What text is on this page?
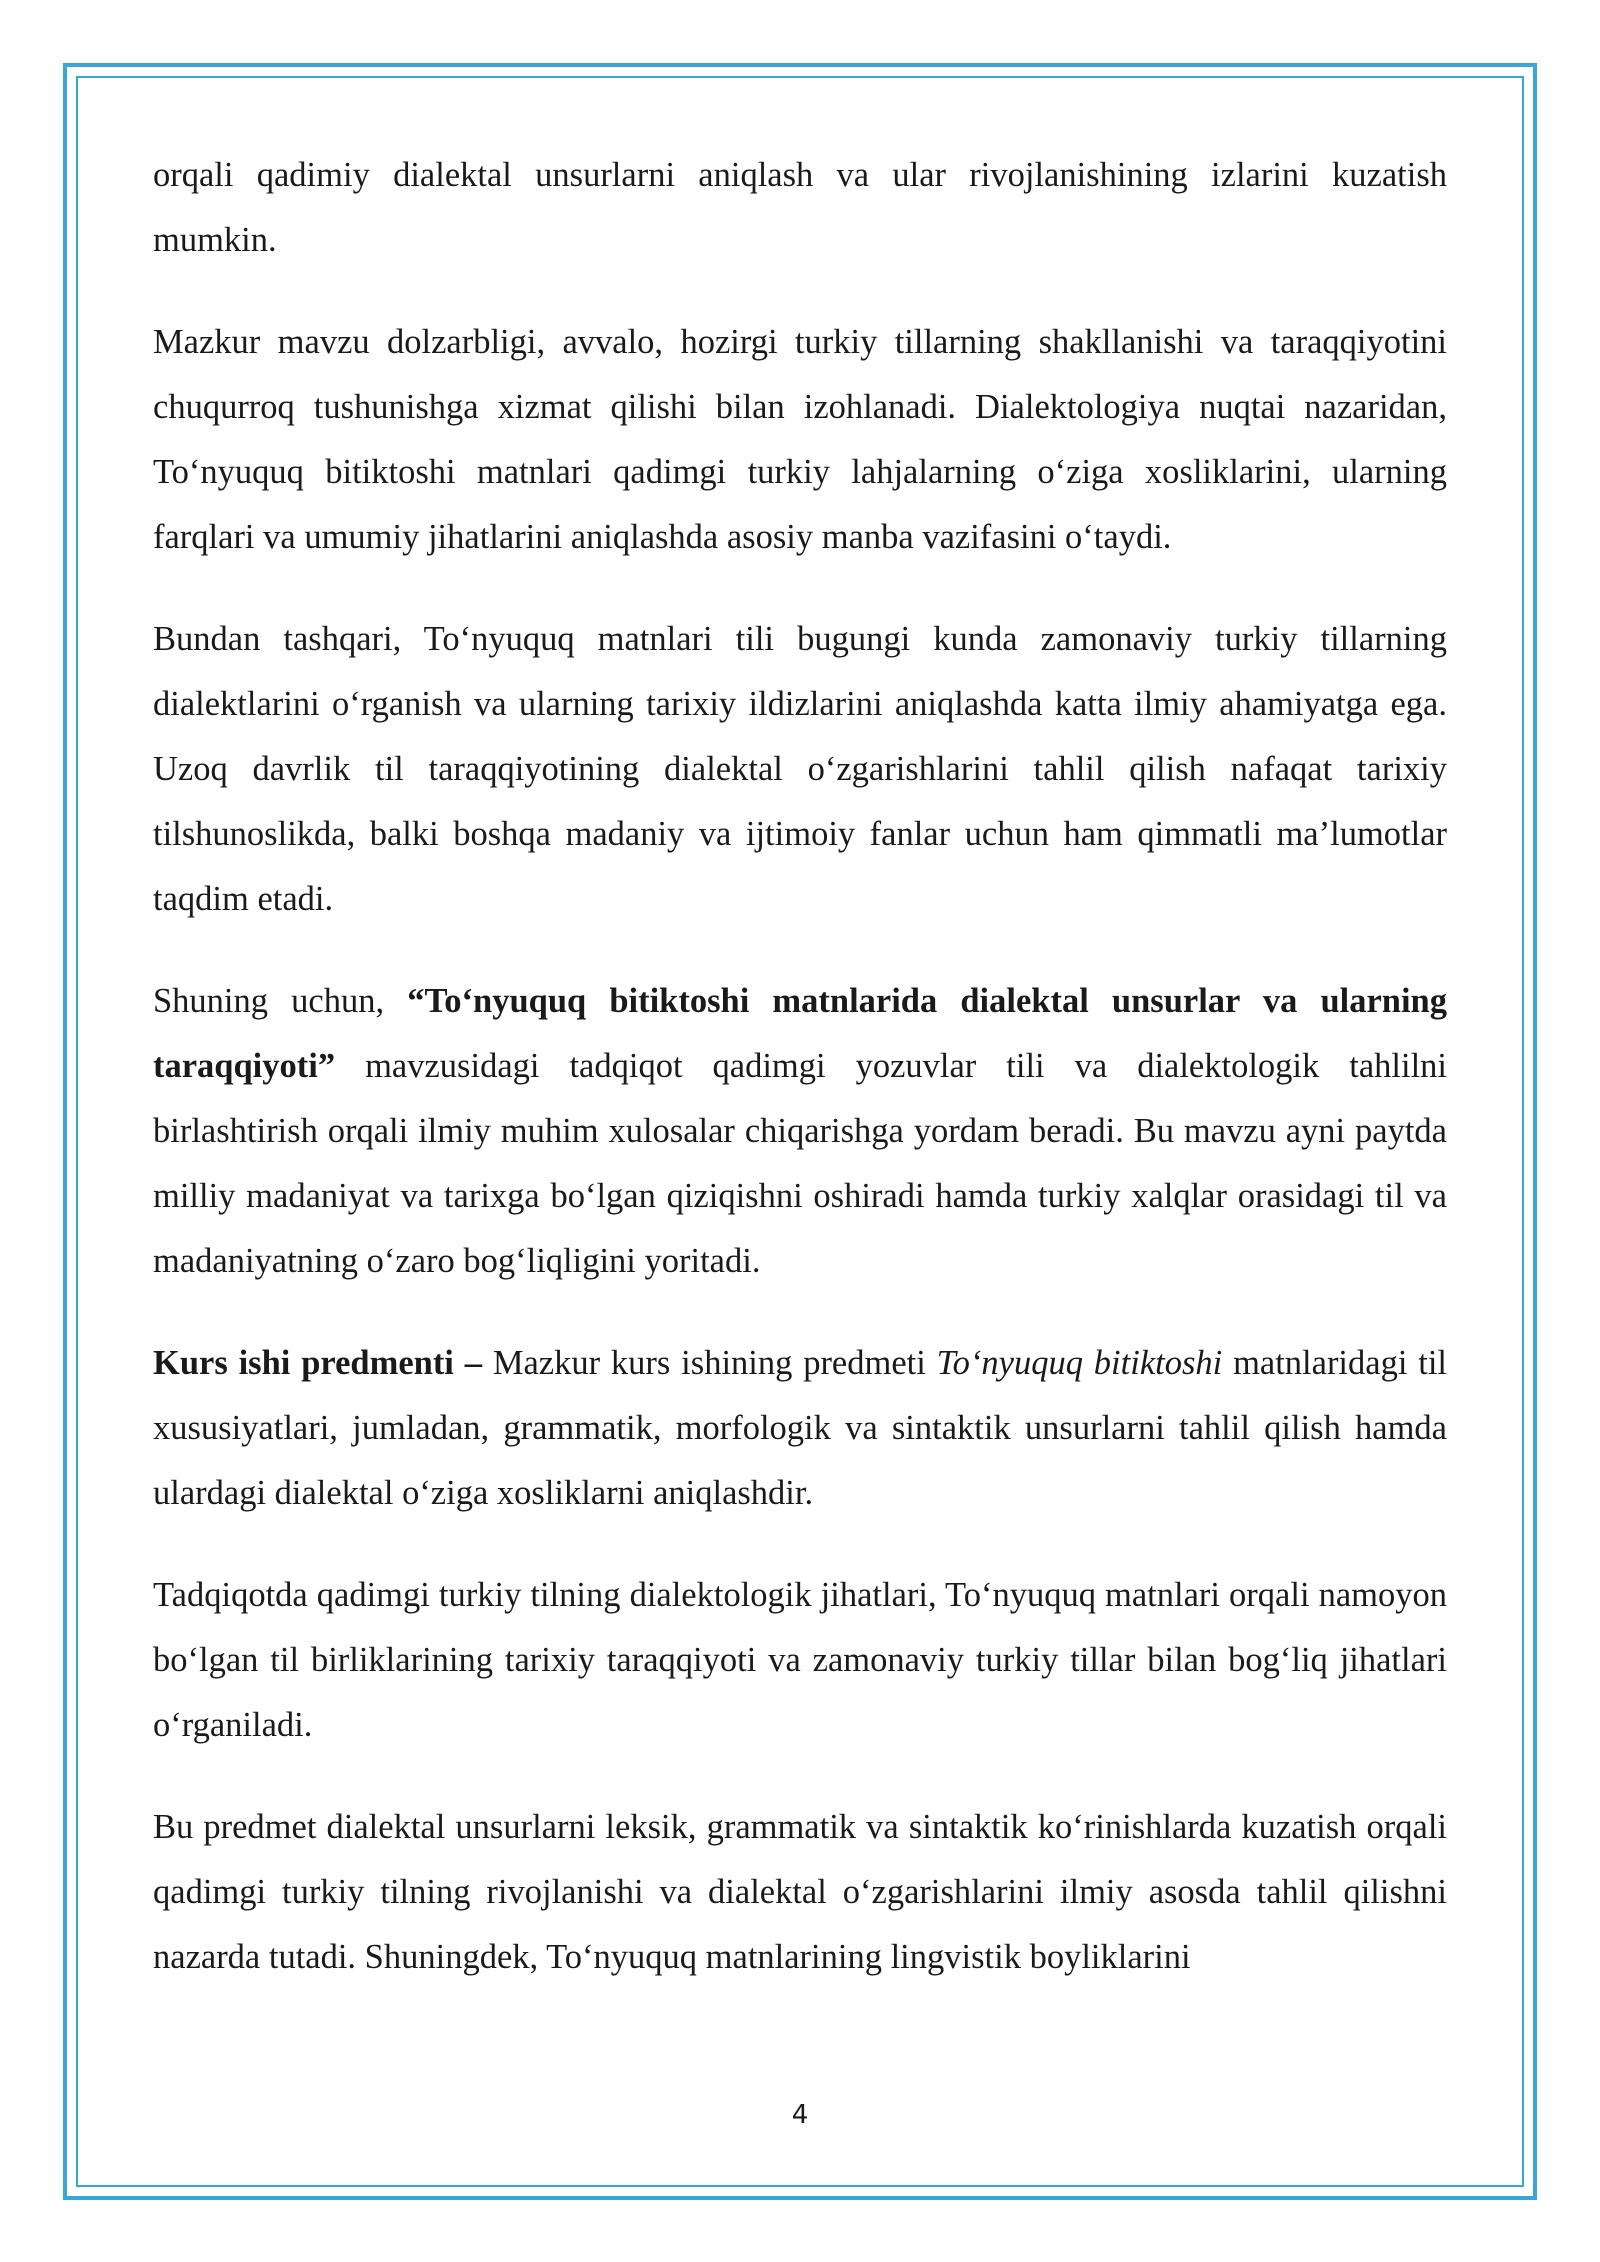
orqali qadimiy dialektal unsurlarni aniqlash va ular rivojlanishining izlarini kuzatish mumkin.

Mazkur mavzu dolzarbligi, avvalo, hozirgi turkiy tillarning shakllanishi va taraqqiyotini chuqurroq tushunishga xizmat qilishi bilan izohlanadi. Dialektologiya nuqtai nazaridan, To‘nyuquq bitiktoshi matnlari qadimgi turkiy lahjalarning o‘ziga xosliklarini, ularning farqlari va umumiy jihatlarini aniqlashda asosiy manba vazifasini o‘taydi.

Bundan tashqari, To‘nyuquq matnlari tili bugungi kunda zamonaviy turkiy tillarning dialektlarini o‘rganish va ularning tarixiy ildizlarini aniqlashda katta ilmiy ahamiyatga ega. Uzoq davrlik til taraqqiyotining dialektal o‘zgarishlarini tahlil qilish nafaqat tarixiy tilshunoslikda, balki boshqa madaniy va ijtimoiy fanlar uchun ham qimmatli ma’lumotlar taqdim etadi.

Shuning uchun, “To‘nyuquq bitiktoshi matnlarida dialektal unsurlar va ularning taraqqiyoti” mavzusidagi tadqiqot qadimgi yozuvlar tili va dialektologik tahlilni birlashtirish orqali ilmiy muhim xulosalar chiqarishga yordam beradi. Bu mavzu ayni paytda milliy madaniyat va tarixga bo‘lgan qiziqishni oshiradi hamda turkiy xalqlar orasidagi til va madaniyatning o‘zaro bog‘liqligini yoritadi.

Kurs ishi predmenti – Mazkur kurs ishining predmeti To‘nyuquq bitiktoshi matnlaridagi til xususiyatlari, jumladan, grammatik, morfologik va sintaktik unsurlarni tahlil qilish hamda ulardagi dialektal o‘ziga xosliklarni aniqlashdir.

Tadqiqotda qadimgi turkiy tilning dialektologik jihatlari, To‘nyuquq matnlari orqali namoyon bo‘lgan til birliklarining tarixiy taraqqiyoti va zamonaviy turkiy tillar bilan bog‘liq jihatlari o‘rganiladi.

Bu predmet dialektal unsurlarni leksik, grammatik va sintaktik ko‘rinishlarda kuzatish orqali qadimgi turkiy tilning rivojlanishi va dialektal o‘zgarishlarini ilmiy asosda tahlil qilishni nazarda tutadi. Shuningdek, To‘nyuquq matnlarining lingvistik boyliklarini

4
